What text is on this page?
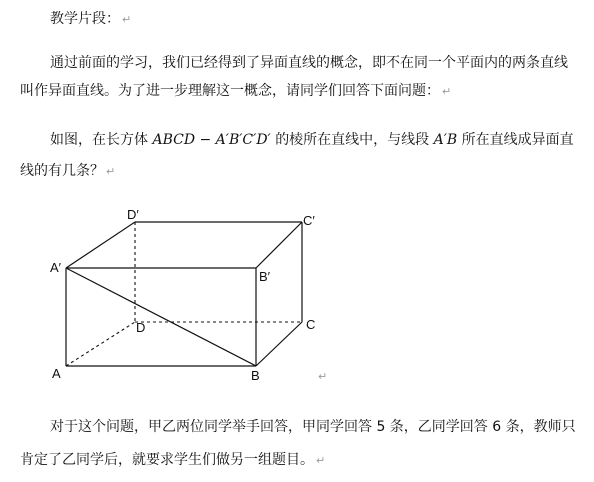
教学片段： ↵
通过前面的学习，我们已经得到了异面直线的概念，即不在同一个平面内的两条直线
叫作异面直线。为了进一步理解这一概念，请同学们回答下面问题： ↵
如图，在长方体 ABCD − A′B′C′D′ 的棱所在直线中，与线段 A′B 所在直线成异面直
线的有几条？ ↵
D′	C′
A′
B′
D	C
A	B	↵
对于这个问题，甲乙两位同学举手回答，甲同学回答 5 条，乙同学回答 6 条，教师只
肯定了乙同学后，就要求学生们做另一组题目。 ↵
